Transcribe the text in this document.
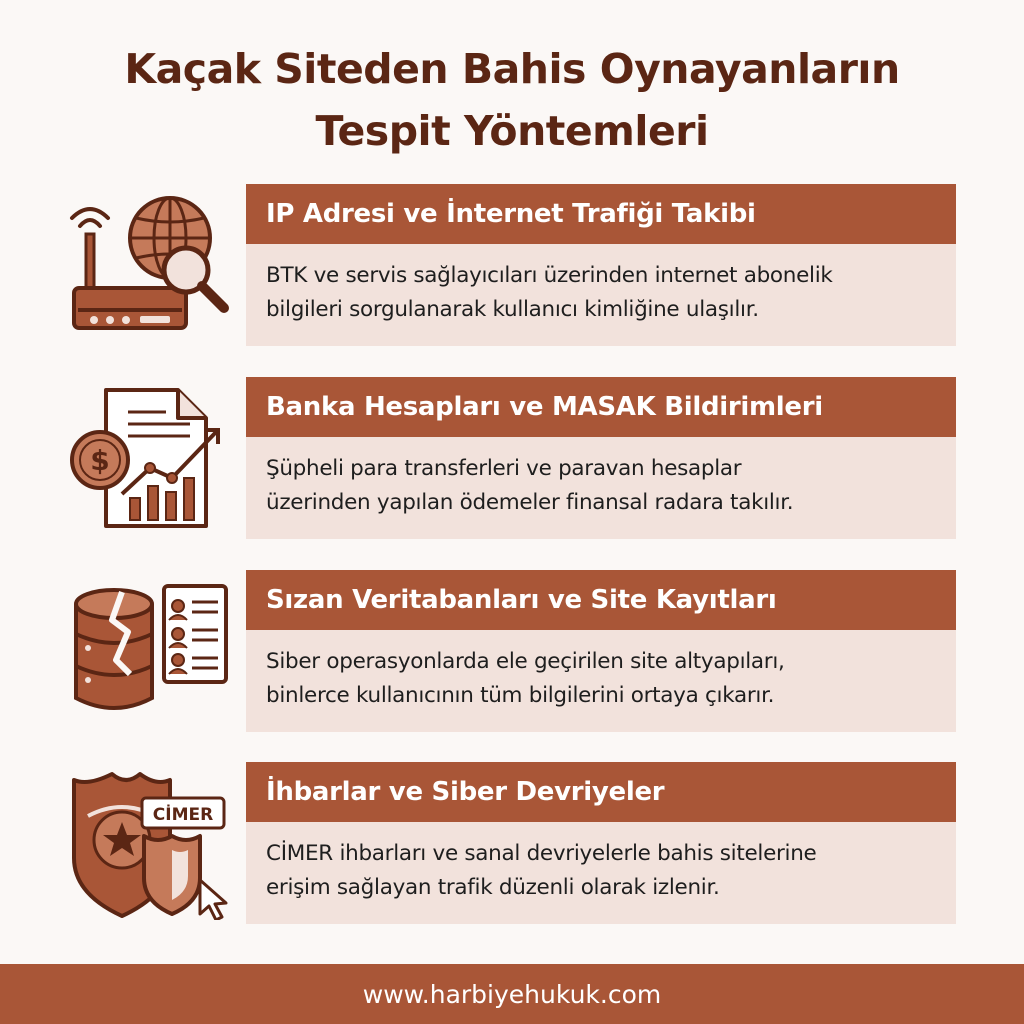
Kaçak Siteden Bahis Oynayanların
Tespit Yöntemleri
IP Adresi ve İnternet Trafiği Takibi
BTK ve servis sağlayıcıları üzerinden internet abonelik
bilgileri sorgulanarak kullanıcı kimliğine ulaşılır.
$
Banka Hesapları ve MASAK Bildirimleri
Şüpheli para transferleri ve paravan hesaplar
üzerinden yapılan ödemeler finansal radara takılır.
Sızan Veritabanları ve Site Kayıtları
Siber operasyonlarda ele geçirilen site altyapıları,
binlerce kullanıcının tüm bilgilerini ortaya çıkarır.
CİMER
İhbarlar ve Siber Devriyeler
CİMER ihbarları ve sanal devriyelerle bahis sitelerine
erişim sağlayan trafik düzenli olarak izlenir.
www.harbiyehukuk.com
